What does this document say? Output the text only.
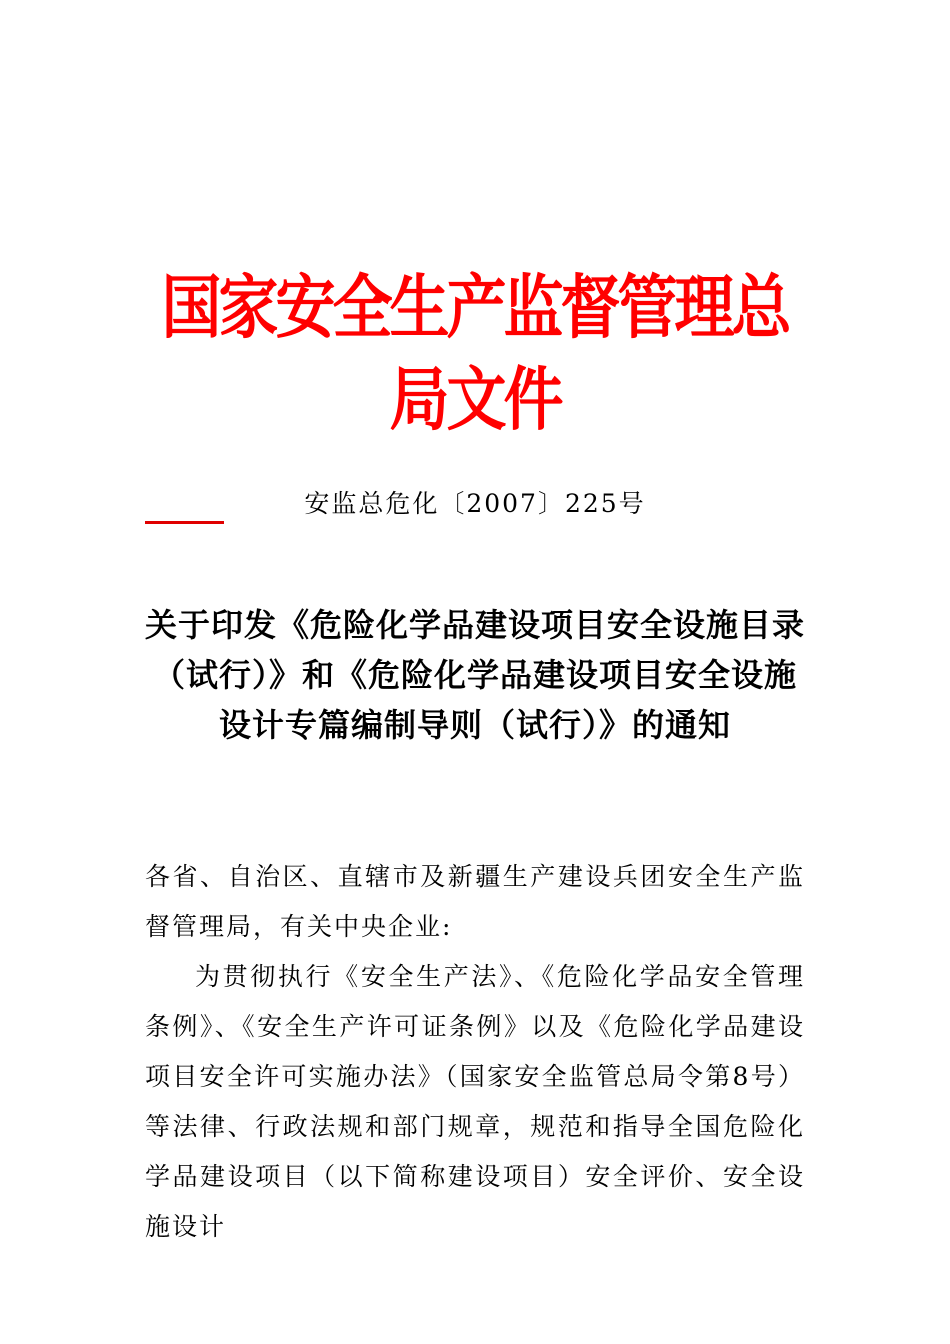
国家安全生产监督管理总局文件
安监总危化〔2007〕225号
关于印发《危险化学品建设项目安全设施目录（试行）》和《危险化学品建设项目安全设施设计专篇编制导则（试行）》的通知

各省、自治区、直辖市及新疆生产建设兵团安全生产监督管理局，有关中央企业:

为贯彻执行《安全生产法》、《危险化学品安全管理条例》、《安全生产许可证条例》以及《危险化学品建设项目安全许可实施办法》（国家安全监管总局令第8号）等法律、行政法规和部门规章，规范和指导全国危险化学品建设项目（以下简称建设项目）安全评价、安全设施设计
